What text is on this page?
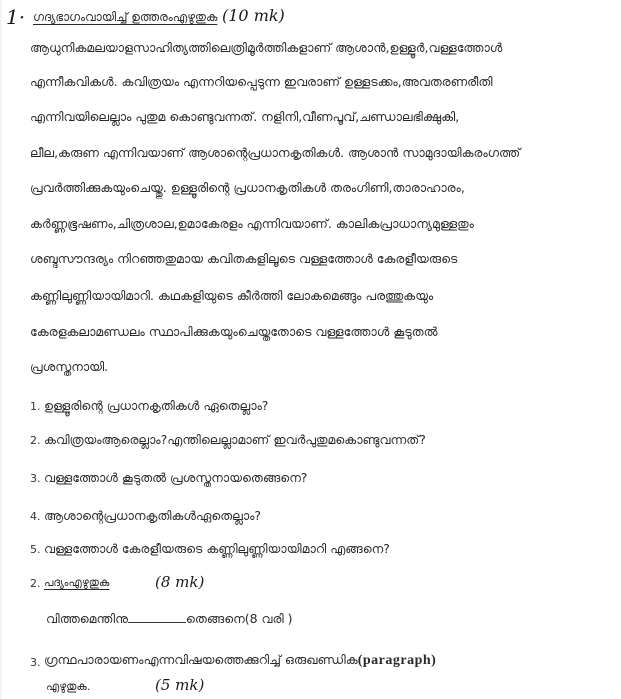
1· ഗദ്യഭാഗംവായിച്ച് ഉത്തരംഎഴുതുക (10 mk)
ആധുനികമലയാളസാഹിത്യത്തിലെത്രിമൂർത്തികളാണ് ആശാൻ,ഉള്ളൂർ,വള്ളത്തോൾ
എന്നീകവികൾ. കവിത്രയം എന്നറിയപ്പെടുന്ന ഇവരാണ് ഉള്ളടക്കം,അവതരണരീതി
എന്നിവയിലെല്ലാം പുതുമ കൊണ്ടുവന്നത്. നളിനി,വീണപൂവ്,ചണ്ഡാലഭിക്ഷുകി,
ലീല,കരുണ എന്നിവയാണ് ആശാന്റെപ്രധാനകൃതികൾ. ആശാൻ സാമുദായികരംഗത്ത്
പ്രവർത്തിക്കുകയുംചെയ്തു. ഉള്ളൂരിന്റെ പ്രധാനകൃതികൾ തരംഗിണി,താരാഹാരം,
കർണ്ണഭൂഷണം,ചിത്രശാല,ഉമാകേരളം എന്നിവയാണ്. കാലികപ്രാധാന്യമുള്ളതും
ശബ്ദസൗന്ദര്യം നിറഞ്ഞതുമായ കവിതകളിലൂടെ വള്ളത്തോൾ കേരളീയരുടെ
കണ്ണിലുണ്ണിയായിമാറി. കഥകളിയുടെ കീർത്തി ലോകമെങ്ങും പരത്തുകയും
കേരളകലാമണ്ഡലം സ്ഥാപിക്കുകയുംചെയ്തതോടെ വള്ളത്തോൾ കൂടുതൽ
പ്രശസ്തനായി.
1. ഉള്ളൂരിന്റെ പ്രധാനകൃതികൾ ഏതെല്ലാം?
2. കവിത്രയംആരെല്ലാം?എന്തിലെല്ലാമാണ് ഇവർപുതുമകൊണ്ടുവന്നത്?
3. വള്ളത്തോൾ കൂടുതൽ പ്രശസ്തനായതെങ്ങനെ?
4. ആശാന്റെപ്രധാനകൃതികൾഏതെല്ലാം?
5. വള്ളത്തോൾ കേരളീയരുടെ കണ്ണിലുണ്ണിയായിമാറി എങ്ങനെ?
2. പദ്യംഎഴുതുക	(8 mk)
വിത്തമെന്തിനു	തെങ്ങനെ(8 വരി )
3. ഗ്രന്ഥപാരായണംഎന്നവിഷയത്തെക്കുറിച്ച് ഒരുഖണ്ഡിക(paragraph)
എഴുതുക.	(5 mk)
